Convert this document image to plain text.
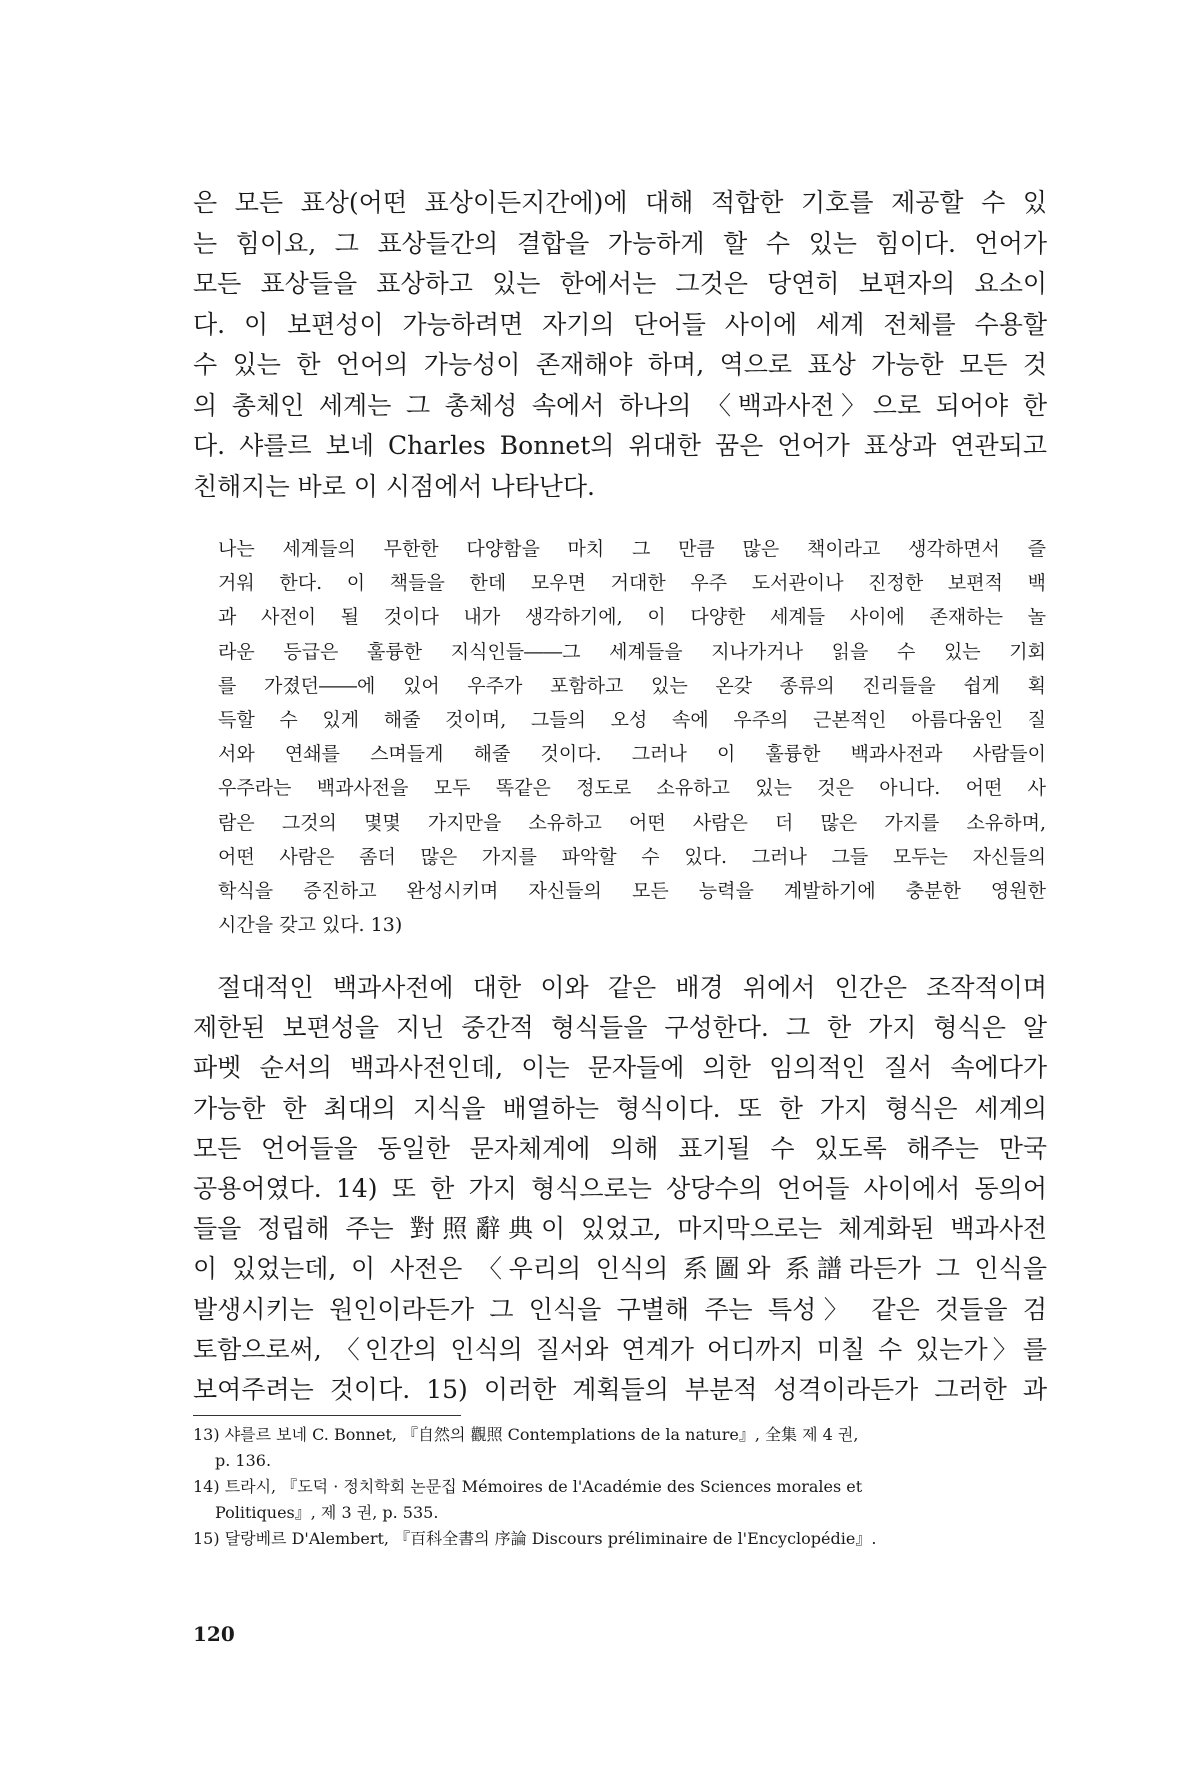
은 모든 표상(어떤 표상이든지간에)에 대해 적합한 기호를 제공할 수 있
는 힘이요, 그 표상들간의 결합을 가능하게 할 수 있는 힘이다. 언어가
모든 표상들을 표상하고 있는 한에서는 그것은 당연히 보편자의 요소이
다. 이 보편성이 가능하려면 자기의 단어들 사이에 세계 전체를 수용할
수 있는 한 언어의 가능성이 존재해야 하며, 역으로 표상 가능한 모든 것
의 총체인 세계는 그 총체성 속에서 하나의 〈백과사전〉으로 되어야 한
다. 샤를르 보네 Charles Bonnet의 위대한 꿈은 언어가 표상과 연관되고
친해지는 바로 이 시점에서 나타난다.
나는 세계들의 무한한 다양함을 마치 그 만큼 많은 책이라고 생각하면서 즐
거워 한다. 이 책들을 한데 모우면 거대한 우주 도서관이나 진정한 보편적 백
과 사전이 될 것이다 내가 생각하기에, 이 다양한 세계들 사이에 존재하는 놀
라운 등급은 훌륭한 지식인들――그 세계들을 지나가거나 읽을 수 있는 기회
를 가졌던――에 있어 우주가 포함하고 있는 온갖 종류의 진리들을 쉽게 획
득할 수 있게 해줄 것이며, 그들의 오성 속에 우주의 근본적인 아름다움인 질
서와 연쇄를 스며들게 해줄 것이다. 그러나 이 훌륭한 백과사전과 사람들이
우주라는 백과사전을 모두 똑같은 정도로 소유하고 있는 것은 아니다. 어떤 사
람은 그것의 몇몇 가지만을 소유하고 어떤 사람은 더 많은 가지를 소유하며,
어떤 사람은 좀더 많은 가지를 파악할 수 있다. 그러나 그들 모두는 자신들의
학식을 증진하고 완성시키며 자신들의 모든 능력을 계발하기에 충분한 영원한
시간을 갖고 있다. 13)
절대적인 백과사전에 대한 이와 같은 배경 위에서 인간은 조작적이며
제한된 보편성을 지닌 중간적 형식들을 구성한다. 그 한 가지 형식은 알
파벳 순서의 백과사전인데, 이는 문자들에 의한 임의적인 질서 속에다가
가능한 한 최대의 지식을 배열하는 형식이다. 또 한 가지 형식은 세계의
모든 언어들을 동일한 문자체계에 의해 표기될 수 있도록 해주는 만국
공용어였다. 14) 또 한 가지 형식으로는 상당수의 언어들 사이에서 동의어
들을 정립해 주는 對照辭典이 있었고, 마지막으로는 체계화된 백과사전
이 있었는데, 이 사전은 〈우리의 인식의 系圖와 系譜라든가 그 인식을
발생시키는 원인이라든가 그 인식을 구별해 주는 특성〉 같은 것들을 검
토함으로써, 〈인간의 인식의 질서와 연계가 어디까지 미칠 수 있는가〉를
보여주려는 것이다. 15) 이러한 계획들의 부분적 성격이라든가 그러한 과
13) 샤를르 보네 C. Bonnet, 『自然의 觀照 Contemplations de la nature』, 全集 제 4 권,
p. 136.
14) 트라시, 『도덕 · 정치학회 논문집 Mémoires de l'Académie des Sciences morales et
Politiques』, 제 3 권, p. 535.
15) 달랑베르 D'Alembert, 『百科全書의 序論 Discours préliminaire de l'Encyclopédie』.
120
